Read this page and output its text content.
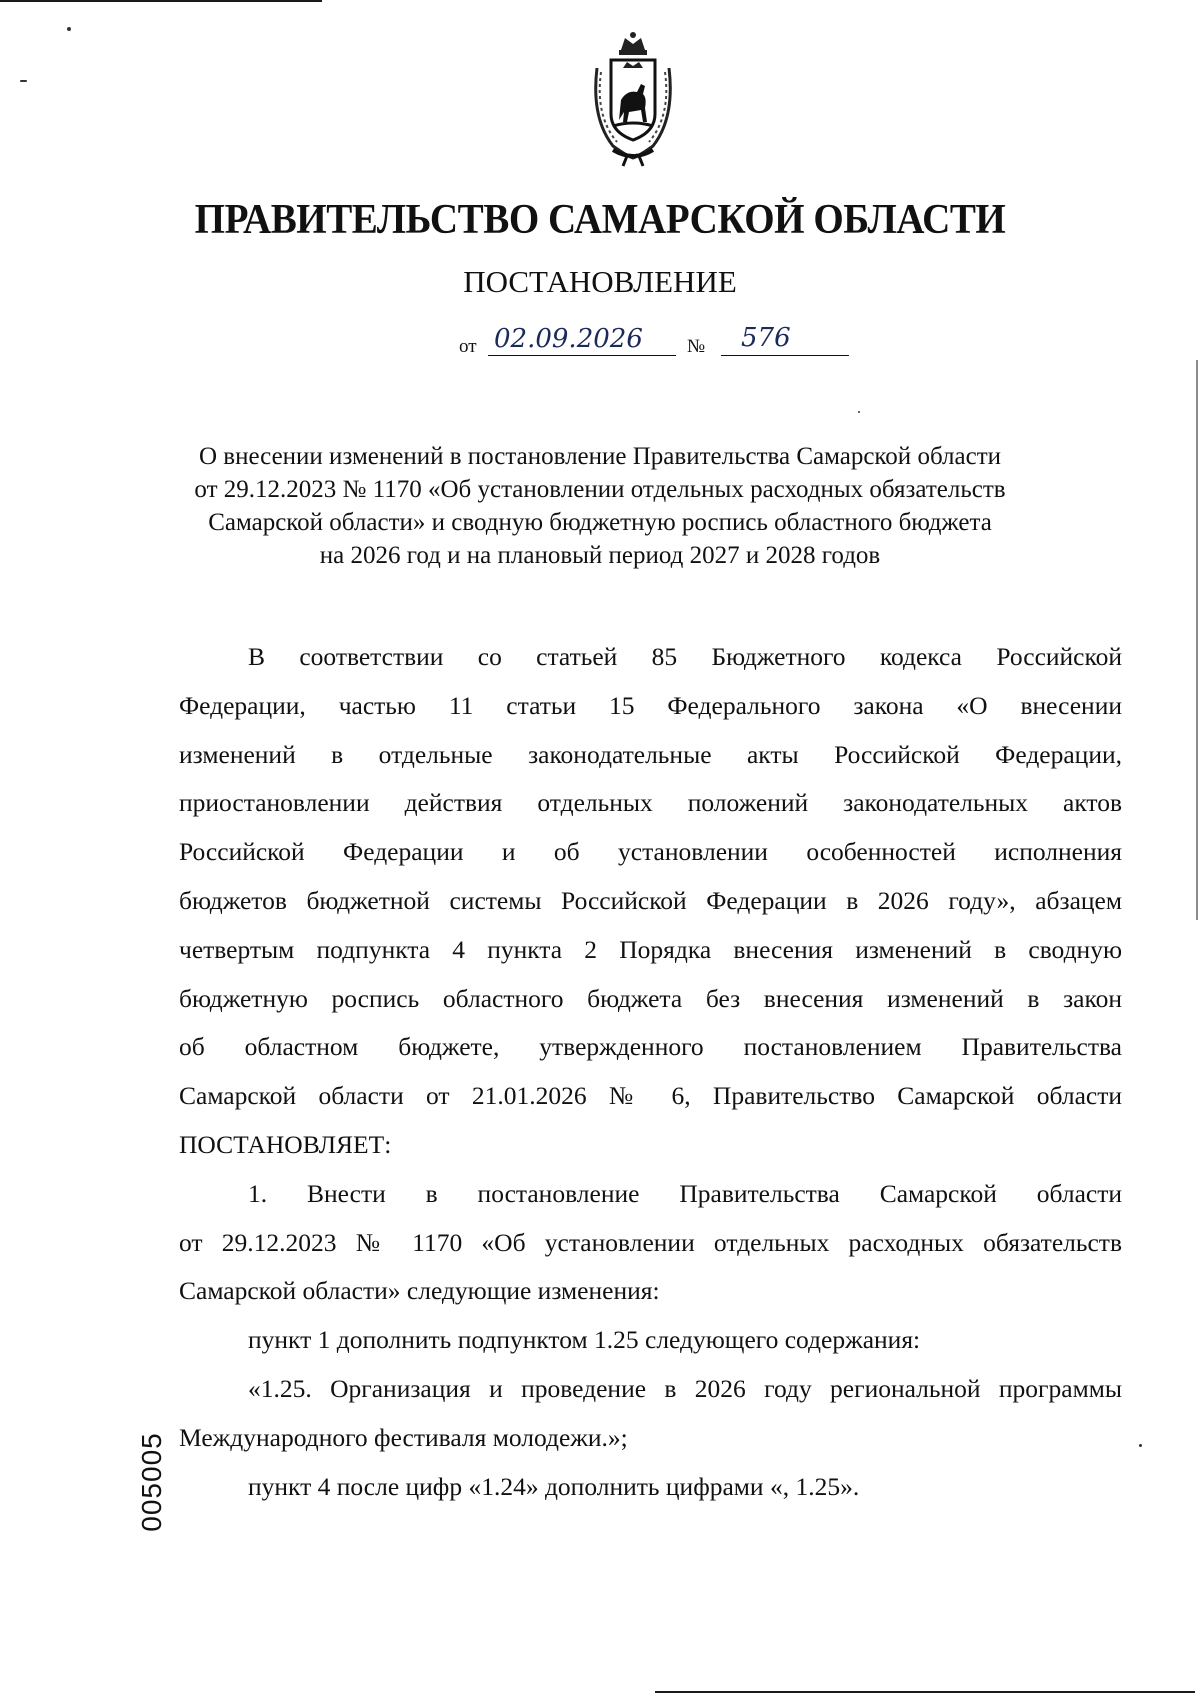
ПРАВИТЕЛЬСТВО САМАРСКОЙ ОБЛАСТИ
ПОСТАНОВЛЕНИЕ
от 02.09.2026	№	576
О внесении изменений в постановление Правительства Самарской области
от 29.12.2023 № 1170 «Об установлении отдельных расходных обязательств
Самарской области» и сводную бюджетную роспись областного бюджета
на 2026 год и на плановый период 2027 и 2028 годов
В соответствии со статьей 85 Бюджетного кодекса Российской
Федерации, частью 11 статьи 15 Федерального закона «О внесении
изменений в отдельные законодательные акты Российской Федерации,
приостановлении действия отдельных положений законодательных актов
Российской Федерации и об установлении особенностей исполнения
бюджетов бюджетной системы Российской Федерации в 2026 году», абзацем
четвертым подпункта 4 пункта 2 Порядка внесения изменений в сводную
бюджетную роспись областного бюджета без внесения изменений в закон
об областном бюджете, утвержденного постановлением Правительства
Самарской области от 21.01.2026 № 6, Правительство Самарской области
ПОСТАНОВЛЯЕТ:
1. Внести в постановление Правительства Самарской области
от 29.12.2023 № 1170 «Об установлении отдельных расходных обязательств
Самарской области» следующие изменения:
пункт 1 дополнить подпунктом 1.25 следующего содержания:
«1.25. Организация и проведение в 2026 году региональной программы
Международного фестиваля молодежи.»;
пункт 4 после цифр «1.24» дополнить цифрами «, 1.25».
005005
